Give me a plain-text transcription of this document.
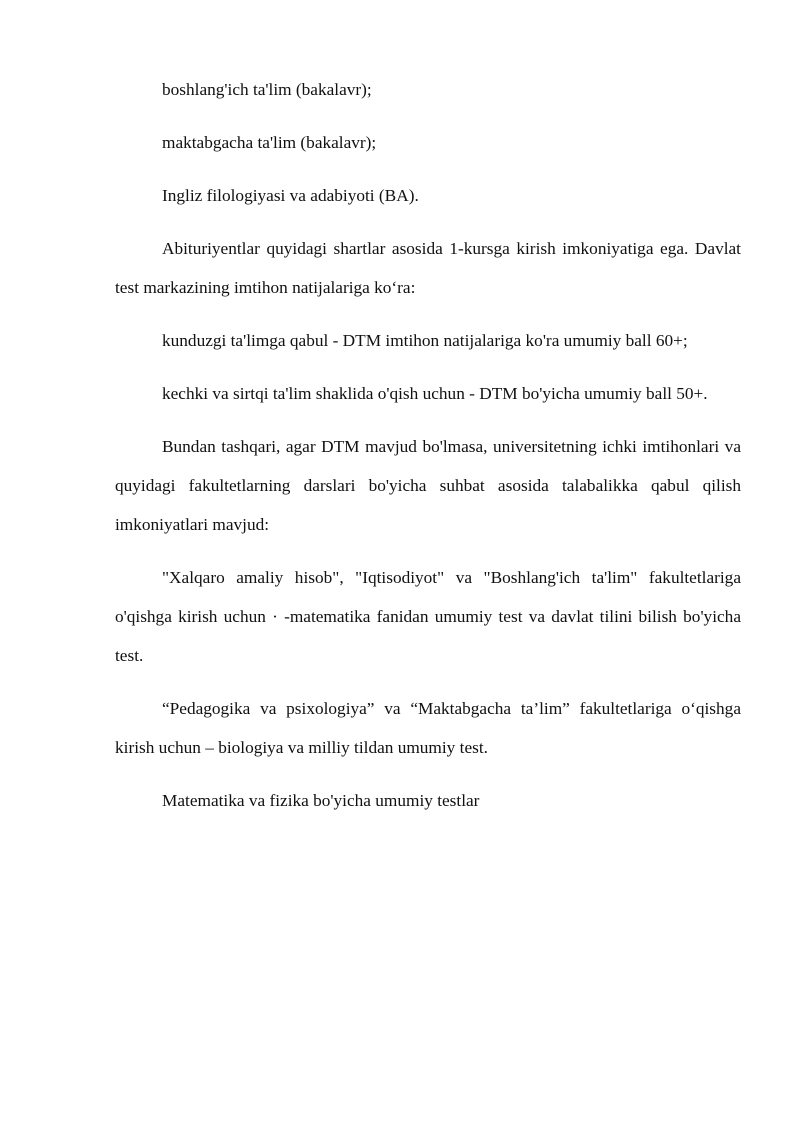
boshlang'ich ta'lim (bakalavr);

maktabgacha ta'lim (bakalavr);

Ingliz filologiyasi va adabiyoti (BA).

Abituriyentlar quyidagi shartlar asosida 1-kursga kirish imkoniyatiga ega. Davlat test markazining imtihon natijalariga koʻra:

kunduzgi ta'limga qabul - DTM imtihon natijalariga ko'ra umumiy ball 60+;

kechki va sirtqi ta'lim shaklida o'qish uchun - DTM bo'yicha umumiy ball 50+.

Bundan tashqari, agar DTM mavjud bo'lmasa, universitetning ichki imtihonlari va quyidagi fakultetlarning darslari bo'yicha suhbat asosida talabalikka qabul qilish imkoniyatlari mavjud:

"Xalqaro amaliy hisob", "Iqtisodiyot" va "Boshlang'ich ta'lim" fakultetlariga o'qishga kirish uchun · -matematika fanidan umumiy test va davlat tilini bilish bo'yicha test.

“Pedagogika va psixologiya” va “Maktabgacha ta’lim” fakultetlariga oʻqishga kirish uchun – biologiya va milliy tildan umumiy test.

Matematika va fizika bo'yicha umumiy testlar
